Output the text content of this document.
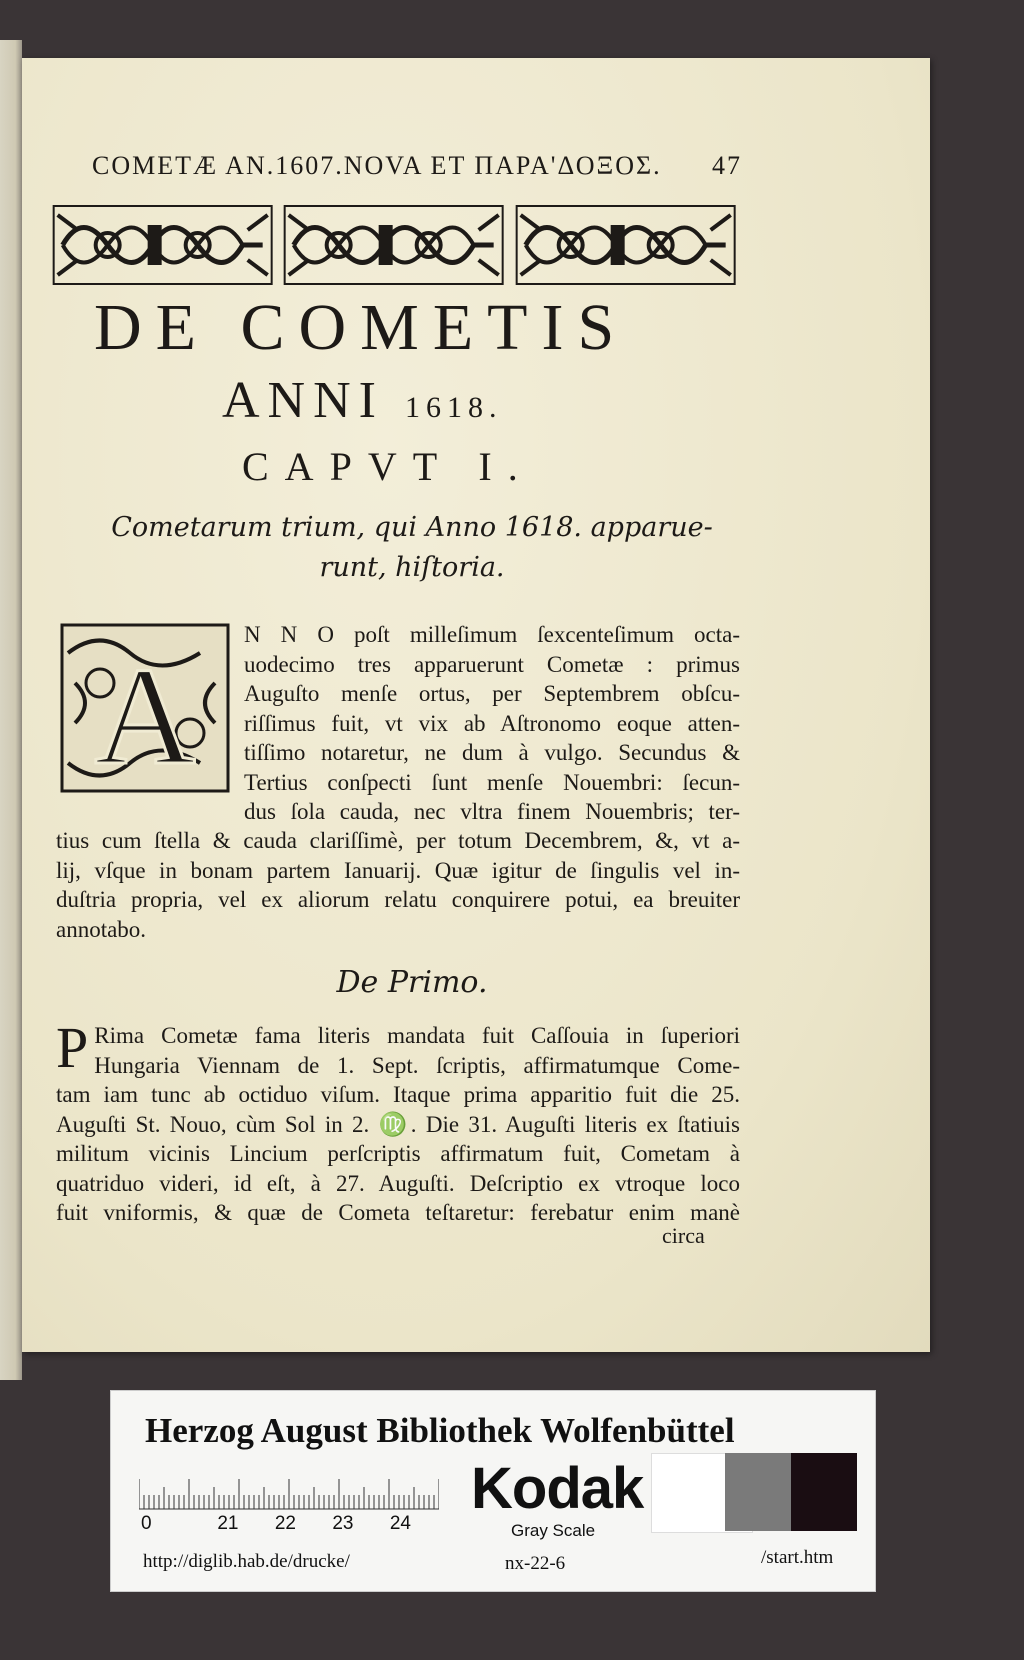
COMETÆ AN.1607.NOVA ET ΠΑΡΑ'ΔΟΞΟΣ. 47
DE COMETIS
ANNI 1618.
CAPVT I.
Cometarum trium, qui Anno 1618. apparue-
runt, hiſtoria.
A
N N O poſt milleſimum ſexcenteſimum octa-
uodecimo tres apparuerunt Cometæ : primus
Auguſto menſe ortus, per Septembrem obſcu-
riſſimus fuit, vt vix ab Aſtronomo eoque atten-
tiſſimo notaretur, ne dum à vulgo. Secundus &
Tertius conſpecti ſunt menſe Nouembri: ſecun-
dus ſola cauda, nec vltra finem Nouembris; ter-
tius cum ſtella & cauda clariſſimè, per totum Decembrem, &, vt a-
lij, vſque in bonam partem Ianuarij. Quæ igitur de ſingulis vel in-
duſtria propria, vel ex aliorum relatu conquirere potui, ea breuiter
annotabo.
De Primo.
P Rima Cometæ fama literis mandata fuit Caſſouia in ſuperiori
Hungaria Viennam de 1. Sept. ſcriptis, affirmatumque Come-
tam iam tunc ab octiduo viſum. Itaque prima apparitio fuit die 25.
Auguſti St. Nouo, cùm Sol in 2. ♍. Die 31. Auguſti literis ex ſtatiuis
militum vicinis Lincium perſcriptis affirmatum fuit, Cometam à
quatriduo videri, id eſt, à 27. Auguſti. Deſcriptio ex vtroque loco
fuit vniformis, & quæ de Cometa teſtaretur: ferebatur enim manè
circa
Herzog August Bibliothek Wolfenbüttel
0	21 22 23 24
Kodak
Gray Scale
http://diglib.hab.de/drucke/	nx-22-6	/start.htm
